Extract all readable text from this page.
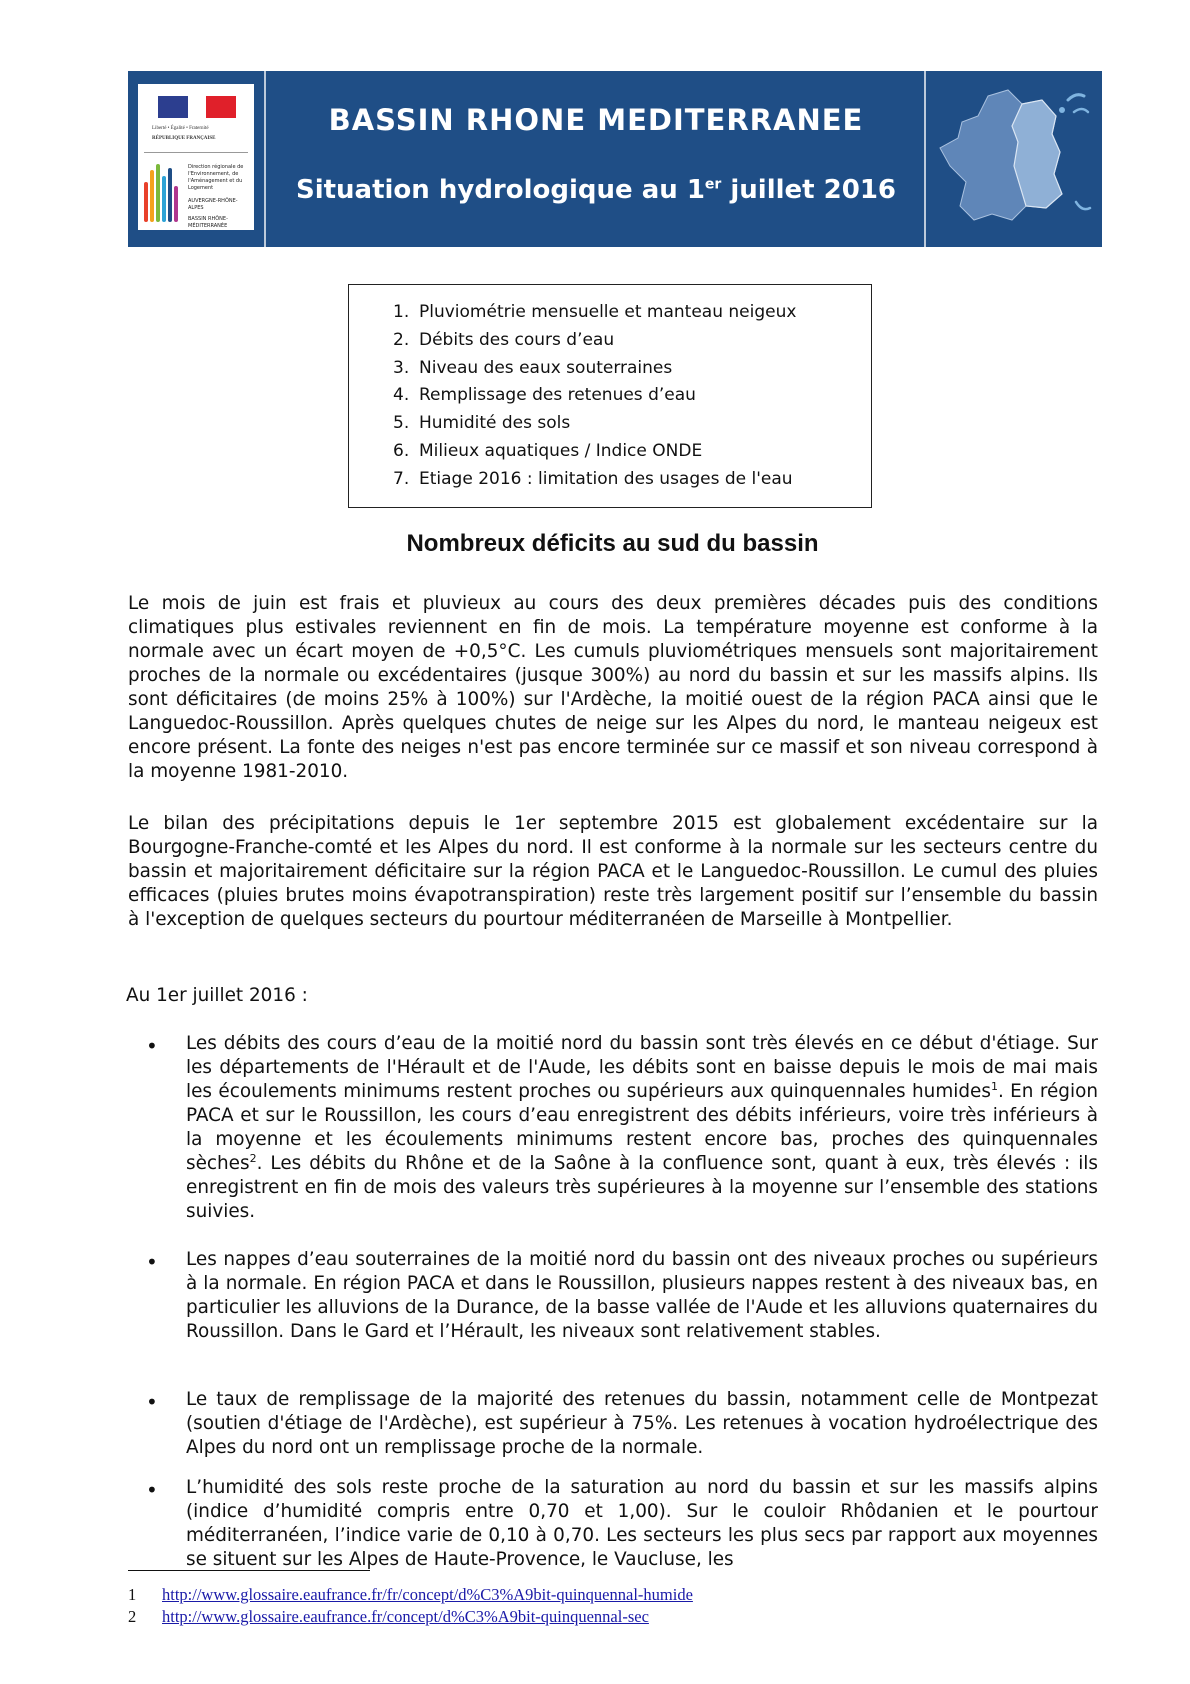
Liberté • Égalité • Fraternité
RÉPUBLIQUE FRANÇAISE
Direction régionale de l'Environnement, de l'Aménagement et du Logement
AUVERGNE-RHÔNE-ALPES
BASSIN RHÔNE-MÉDITERRANÉE
BASSIN RHONE MEDITERRANEE
Situation hydrologique au 1er juillet 2016
1. Pluviométrie mensuelle et manteau neigeux
2. Débits des cours d’eau
3. Niveau des eaux souterraines
4. Remplissage des retenues d’eau
5. Humidité des sols
6. Milieux aquatiques / Indice ONDE
7. Etiage 2016 : limitation des usages de l'eau
Nombreux déficits au sud du bassin

Le mois de juin est frais et pluvieux au cours des deux premières décades puis des conditions climatiques plus estivales reviennent en fin de mois. La température moyenne est conforme à la normale avec un écart moyen de +0,5°C. Les cumuls pluviométriques mensuels sont majoritairement proches de la normale ou excédentaires (jusque 300%) au nord du bassin et sur les massifs alpins. Ils sont déficitaires (de moins 25% à 100%) sur l'Ardèche, la moitié ouest de la région PACA ainsi que le Languedoc-Roussillon. Après quelques chutes de neige sur les Alpes du nord, le manteau neigeux est encore présent. La fonte des neiges n'est pas encore terminée sur ce massif et son niveau correspond à la moyenne 1981-2010.

Le bilan des précipitations depuis le 1er septembre 2015 est globalement excédentaire sur la Bourgogne-Franche-comté et les Alpes du nord. Il est conforme à la normale sur les secteurs centre du bassin et majoritairement déficitaire sur la région PACA et le Languedoc-Roussillon. Le cumul des pluies efficaces (pluies brutes moins évapotranspiration) reste très largement positif sur l’ensemble du bassin à l'exception de quelques secteurs du pourtour méditerranéen de Marseille à Montpellier.

Au 1er juillet 2016 :

• Les débits des cours d’eau de la moitié nord du bassin sont très élevés en ce début d'étiage. Sur les départements de l'Hérault et de l'Aude, les débits sont en baisse depuis le mois de mai mais les écoulements minimums restent proches ou supérieurs aux quinquennales humides$^1$. En région PACA et sur le Roussillon, les cours d’eau enregistrent des débits inférieurs, voire très inférieurs à la moyenne et les écoulements minimums restent encore bas, proches des quinquennales sèches$^2$. Les débits du Rhône et de la Saône à la confluence sont, quant à eux, très élevés : ils enregistrent en fin de mois des valeurs très supérieures à la moyenne sur l’ensemble des stations suivies.

• Les nappes d’eau souterraines de la moitié nord du bassin ont des niveaux proches ou supérieurs à la normale. En région PACA et dans le Roussillon, plusieurs nappes restent à des niveaux bas, en particulier les alluvions de la Durance, de la basse vallée de l'Aude et les alluvions quaternaires du Roussillon. Dans le Gard et l’Hérault, les niveaux sont relativement stables.

• Le taux de remplissage de la majorité des retenues du bassin, notamment celle de Montpezat (soutien d'étiage de l'Ardèche), est supérieur à 75%. Les retenues à vocation hydroélectrique des Alpes du nord ont un remplissage proche de la normale.

• L’humidité des sols reste proche de la saturation au nord du bassin et sur les massifs alpins (indice d’humidité compris entre 0,70 et 1,00). Sur le couloir Rhôdanien et le pourtour méditerranéen, l’indice varie de 0,10 à 0,70. Les secteurs les plus secs par rapport aux moyennes se situent sur les Alpes de Haute-Provence, le Vaucluse, les

1 http://www.glossaire.eaufrance.fr/fr/concept/d%C3%A9bit-quinquennal-humide
2 http://www.glossaire.eaufrance.fr/concept/d%C3%A9bit-quinquennal-sec
